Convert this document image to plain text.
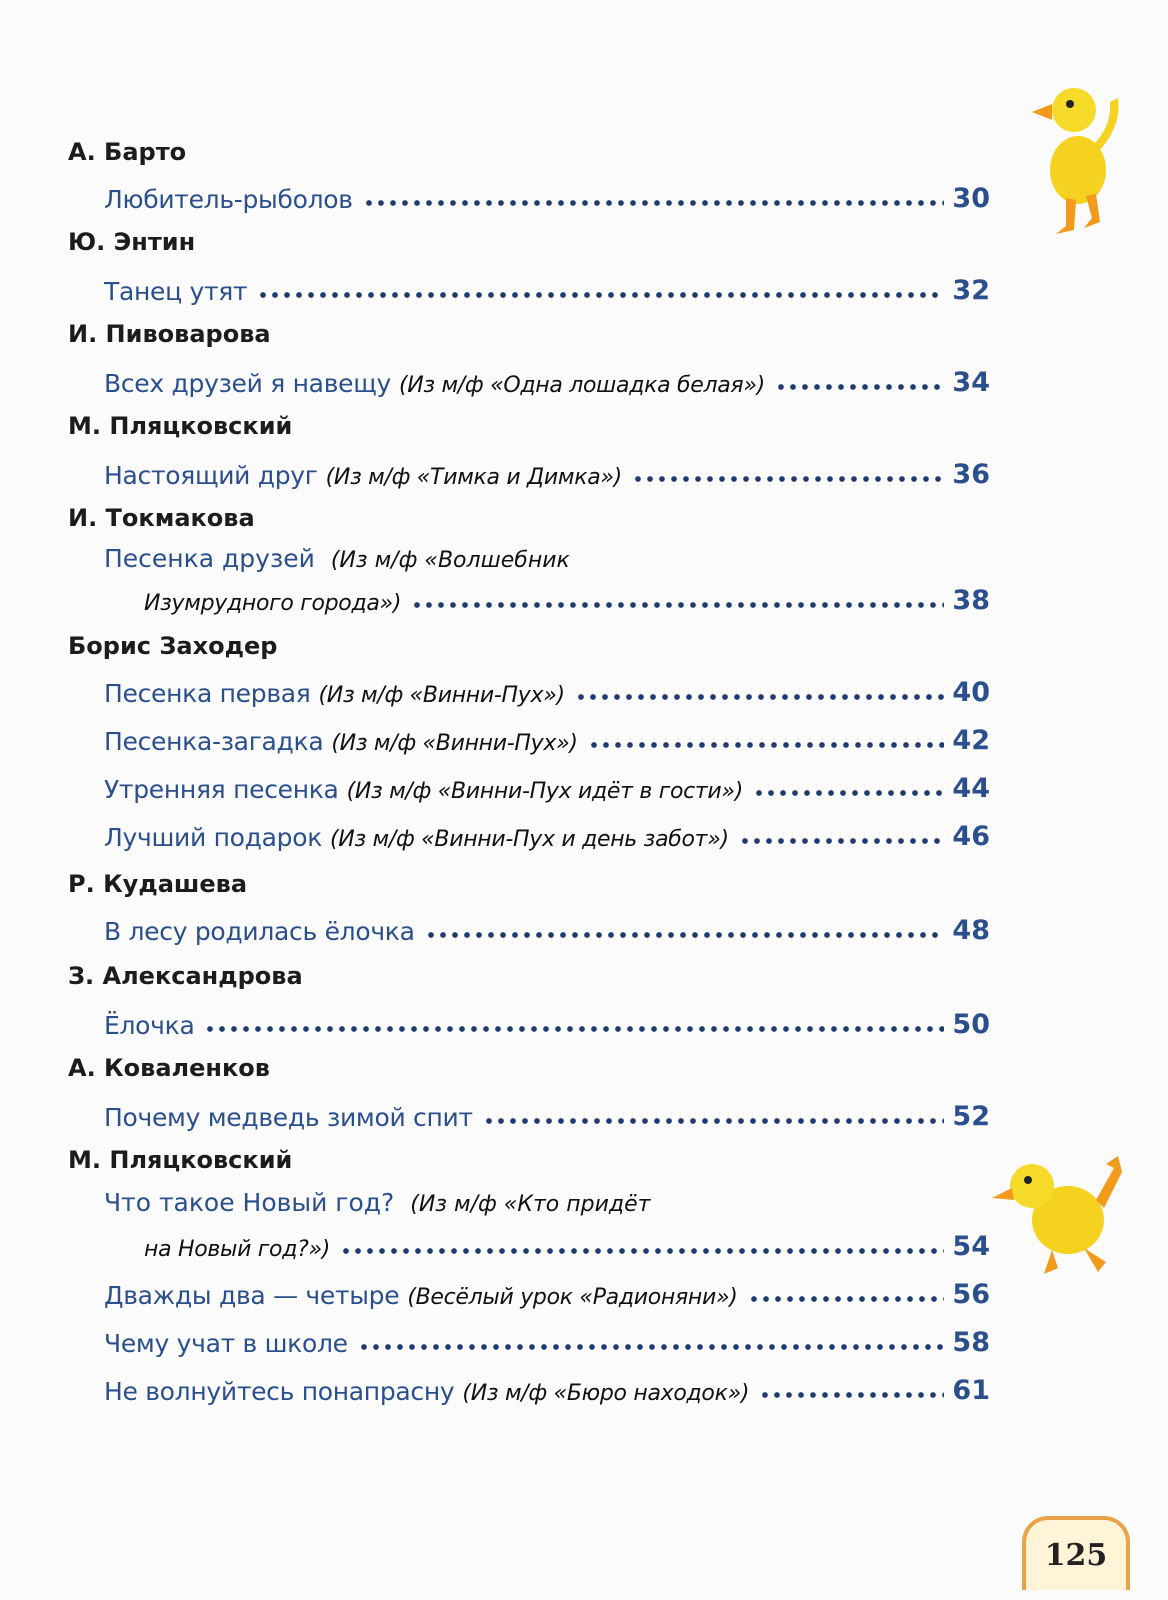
А. Барто
Любитель-рыболов	30
Ю. Энтин
Танец утят	32
И. Пивоварова
Всех друзей я навещу (Из м/ф «Одна лошадка белая»)	34
М. Пляцковский
Настоящий друг (Из м/ф «Тимка и Димка»)	36
И. Токмакова
Песенка друзей (Из м/ф «Волшебник
Изумрудного города»)	38
Борис Заходер
Песенка первая (Из м/ф «Винни-Пух»)	40
Песенка-загадка (Из м/ф «Винни-Пух»)	42
Утренняя песенка (Из м/ф «Винни-Пух идёт в гости»)	44
Лучший подарок (Из м/ф «Винни-Пух и день забот»)	46
Р. Кудашева
В лесу родилась ёлочка	48
З. Александрова
Ёлочка	50
А. Коваленков
Почему медведь зимой спит	52
М. Пляцковский
Что такое Новый год? (Из м/ф «Кто придёт
на Новый год?»)	54
Дважды два — четыре (Весёлый урок «Радионяни»)	56
Чему учат в школе	58
Не волнуйтесь понапрасну (Из м/ф «Бюро находок»)	61
125
